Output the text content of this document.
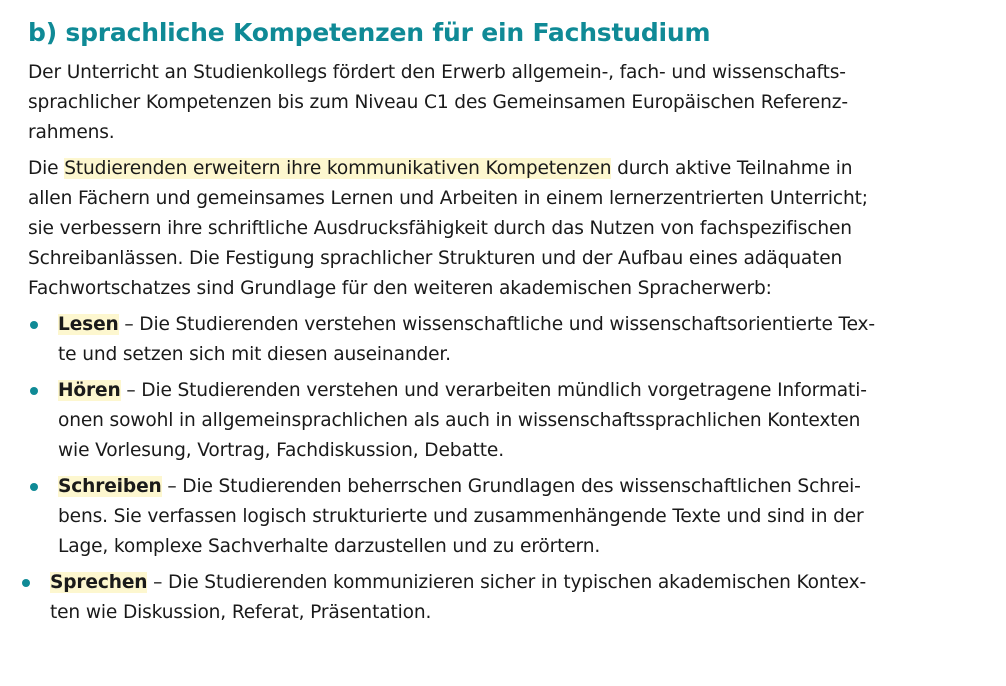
b) sprachliche Kompetenzen für ein Fachstudium
Der Unterricht an Studienkollegs fördert den Erwerb allgemein-, fach- und wissenschafts-
sprachlicher Kompetenzen bis zum Niveau C1 des Gemeinsamen Europäischen Referenz-
rahmens.
Die Studierenden erweitern ihre kommunikativen Kompetenzen durch aktive Teilnahme in
allen Fächern und gemeinsames Lernen und Arbeiten in einem lernerzentrierten Unterricht;
sie verbessern ihre schriftliche Ausdrucksfähigkeit durch das Nutzen von fachspezifischen
Schreibanlässen. Die Festigung sprachlicher Strukturen und der Aufbau eines adäquaten
Fachwortschatzes sind Grundlage für den weiteren akademischen Spracherwerb:
Lesen – Die Studierenden verstehen wissenschaftliche und wissenschaftsorientierte Tex-
te und setzen sich mit diesen auseinander.
Hören – Die Studierenden verstehen und verarbeiten mündlich vorgetragene Informati-
onen sowohl in allgemeinsprachlichen als auch in wissenschaftssprachlichen Kontexten
wie Vorlesung, Vortrag, Fachdiskussion, Debatte.
Schreiben – Die Studierenden beherrschen Grundlagen des wissenschaftlichen Schrei-
bens. Sie verfassen logisch strukturierte und zusammenhängende Texte und sind in der
Lage, komplexe Sachverhalte darzustellen und zu erörtern.
Sprechen – Die Studierenden kommunizieren sicher in typischen akademischen Kontex-
ten wie Diskussion, Referat, Präsentation.
